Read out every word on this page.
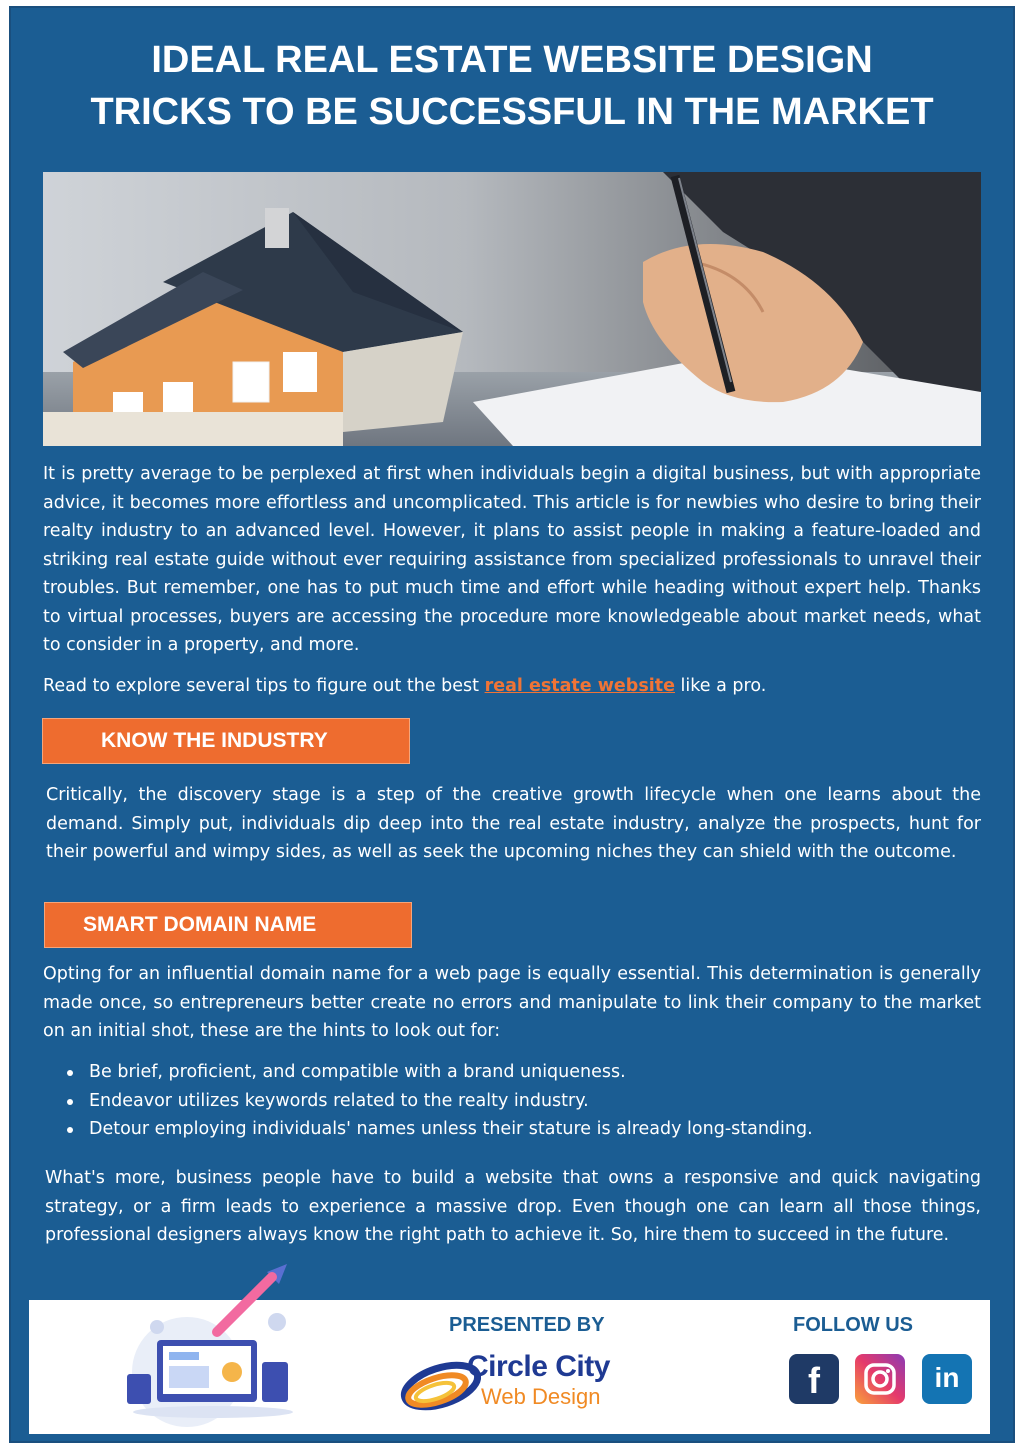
IDEAL REAL ESTATE WEBSITE DESIGN
TRICKS TO BE SUCCESSFUL IN THE MARKET

It is pretty average to be perplexed at first when individuals begin a digital business, but with appropriate advice, it becomes more effortless and uncomplicated. This article is for newbies who desire to bring their realty industry to an advanced level. However, it plans to assist people in making a feature-loaded and striking real estate guide without ever requiring assistance from specialized professionals to unravel their troubles. But remember, one has to put much time and effort while heading without expert help. Thanks to virtual processes, buyers are accessing the procedure more knowledgeable about market needs, what to consider in a property, and more.

Read to explore several tips to figure out the best real estate website like a pro.

KNOW THE INDUSTRY

Critically, the discovery stage is a step of the creative growth lifecycle when one learns about the demand. Simply put, individuals dip deep into the real estate industry, analyze the prospects, hunt for their powerful and wimpy sides, as well as seek the upcoming niches they can shield with the outcome.

SMART DOMAIN NAME

Opting for an influential domain name for a web page is equally essential. This determination is generally made once, so entrepreneurs better create no errors and manipulate to link their company to the market on an initial shot, these are the hints to look out for:

Be brief, proficient, and compatible with a brand uniqueness.
Endeavor utilizes keywords related to the realty industry.
Detour employing individuals' names unless their stature is already long-standing.

What's more, business people have to build a website that owns a responsive and quick navigating strategy, or a firm leads to experience a massive drop. Even though one can learn all those things, professional designers always know the right path to achieve it. So, hire them to succeed in the future.

PRESENTED BY	FOLLOW US
Circle City
Web Design	f	in
